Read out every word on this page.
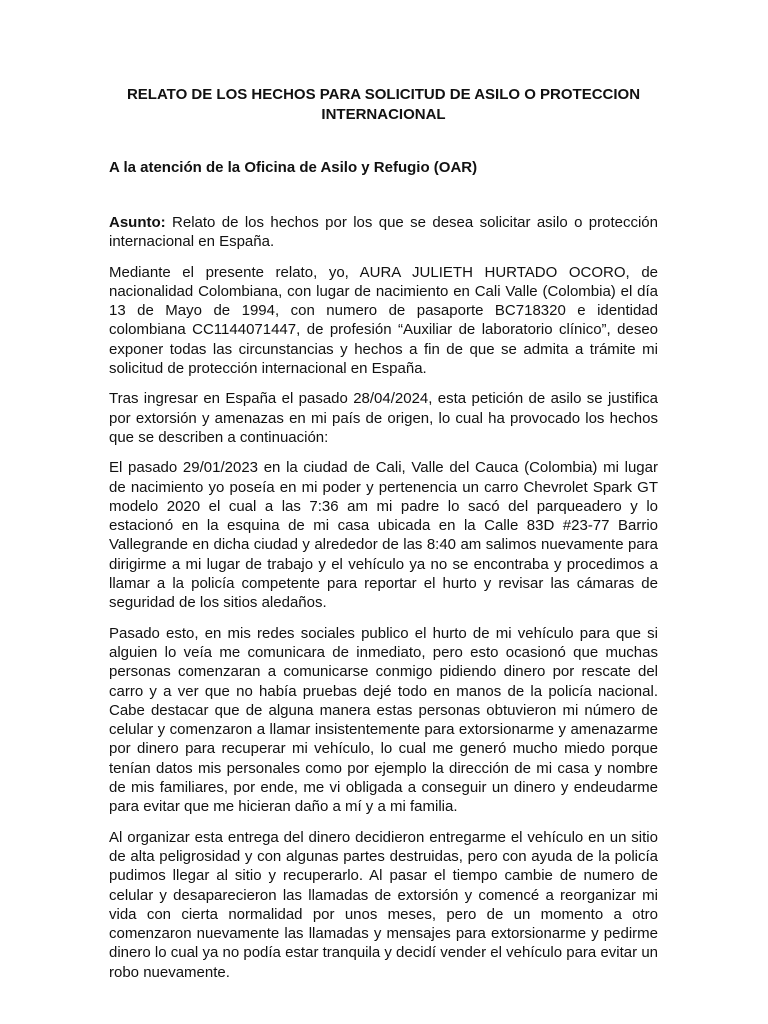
RELATO DE LOS HECHOS PARA SOLICITUD DE ASILO O PROTECCION INTERNACIONAL

A la atención de la Oficina de Asilo y Refugio (OAR)

Asunto: Relato de los hechos por los que se desea solicitar asilo o protección internacional en España.

Mediante el presente relato, yo, AURA JULIETH HURTADO OCORO, de nacionalidad Colombiana, con lugar de nacimiento en Cali Valle (Colombia) el día 13 de Mayo de 1994, con numero de pasaporte BC718320 e identidad colombiana CC1144071447, de profesión “Auxiliar de laboratorio clínico”, deseo exponer todas las circunstancias y hechos a fin de que se admita a trámite mi solicitud de protección internacional en España.

Tras ingresar en España el pasado 28/04/2024, esta petición de asilo se justifica por extorsión y amenazas en mi país de origen, lo cual ha provocado los hechos que se describen a continuación:

El pasado 29/01/2023 en la ciudad de Cali, Valle del Cauca (Colombia) mi lugar de nacimiento yo poseía en mi poder y pertenencia un carro Chevrolet Spark GT modelo 2020 el cual a las 7:36 am mi padre lo sacó del parqueadero y lo estacionó en la esquina de mi casa ubicada en la Calle 83D #23-77 Barrio Vallegrande en dicha ciudad y alrededor de las 8:40 am salimos nuevamente para dirigirme a mi lugar de trabajo y el vehículo ya no se encontraba y procedimos a llamar a la policía competente para reportar el hurto y revisar las cámaras de seguridad de los sitios aledaños.

Pasado esto, en mis redes sociales publico el hurto de mi vehículo para que si alguien lo veía me comunicara de inmediato, pero esto ocasionó que muchas personas comenzaran a comunicarse conmigo pidiendo dinero por rescate del carro y a ver que no había pruebas dejé todo en manos de la policía nacional. Cabe destacar que de alguna manera estas personas obtuvieron mi número de celular y comenzaron a llamar insistentemente para extorsionarme y amenazarme por dinero para recuperar mi vehículo, lo cual me generó mucho miedo porque tenían datos mis personales como por ejemplo la dirección de mi casa y nombre de mis familiares, por ende, me vi obligada a conseguir un dinero y endeudarme para evitar que me hicieran daño a mí y a mi familia.

Al organizar esta entrega del dinero decidieron entregarme el vehículo en un sitio de alta peligrosidad y con algunas partes destruidas, pero con ayuda de la policía pudimos llegar al sitio y recuperarlo. Al pasar el tiempo cambie de numero de celular y desaparecieron las llamadas de extorsión y comencé a reorganizar mi vida con cierta normalidad por unos meses, pero de un momento a otro comenzaron nuevamente las llamadas y mensajes para extorsionarme y pedirme dinero lo cual ya no podía estar tranquila y decidí vender el vehículo para evitar un robo nuevamente.
